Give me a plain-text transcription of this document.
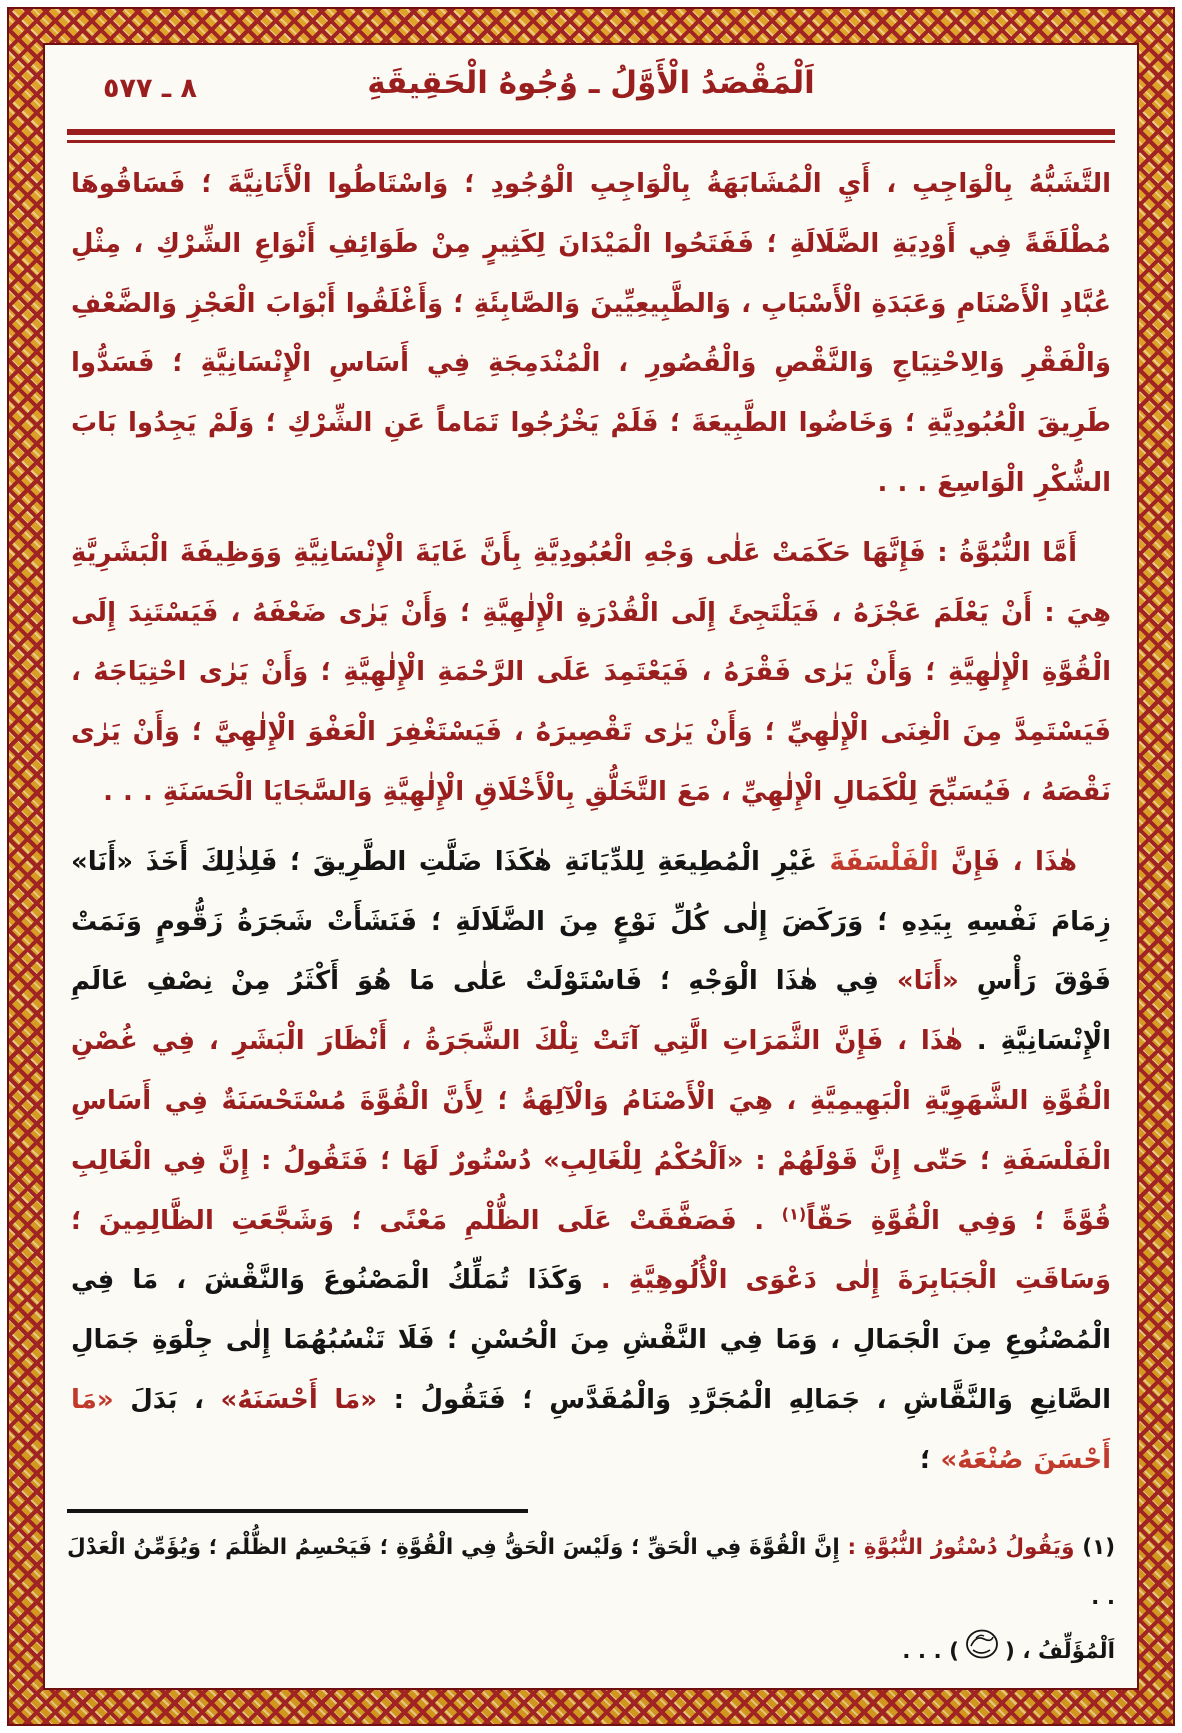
٨ ـ ٥٧٧	اَلْمَقْصَدُ الْأَوَّلُ ـ وُجُوهُ الْحَقِيقَةِ

التَّشَبُّهُ بِالْوَاجِبِ ، أَيِ الْمُشَابَهَةُ بِالْوَاجِبِ الْوُجُودِ ؛ وَاسْتَاطُوا الْأَنَانِيَّةَ ؛ فَسَاقُوهَا مُطْلَقَةً فِي أَوْدِيَةِ الضَّلَالَةِ ؛ فَفَتَحُوا الْمَيْدَانَ لِكَثِيرٍ مِنْ طَوَائِفِ أَنْوَاعِ الشِّرْكِ ، مِثْلِ عُبَّادِ الْأَصْنَامِ وَعَبَدَةِ الْأَسْبَابِ ، وَالطَّبِيعِيِّينَ وَالصَّابِئَةِ ؛ وَأَغْلَقُوا أَبْوَابَ الْعَجْزِ وَالضَّعْفِ وَالْفَقْرِ وَالِاحْتِيَاجِ وَالنَّقْصِ وَالْقُصُورِ ، الْمُنْدَمِجَةِ فِي أَسَاسِ الْإِنْسَانِيَّةِ ؛ فَسَدُّوا طَرِيقَ الْعُبُودِيَّةِ ؛ وَخَاضُوا الطَّبِيعَةَ ؛ فَلَمْ يَخْرُجُوا تَمَاماً عَنِ الشِّرْكِ ؛ وَلَمْ يَجِدُوا بَابَ الشُّكْرِ الْوَاسِعَ . . .

أَمَّا النُّبُوَّةُ : فَإِنَّهَا حَكَمَتْ عَلٰى وَجْهِ الْعُبُودِيَّةِ بِأَنَّ غَايَةَ الْإِنْسَانِيَّةِ وَوَظِيفَةَ الْبَشَرِيَّةِ هِيَ : أَنْ يَعْلَمَ عَجْزَهُ ، فَيَلْتَجِئَ إِلَى الْقُدْرَةِ الْإِلٰهِيَّةِ ؛ وَأَنْ يَرٰى ضَعْفَهُ ، فَيَسْتَنِدَ إِلَى الْقُوَّةِ الْإِلٰهِيَّةِ ؛ وَأَنْ يَرٰى فَقْرَهُ ، فَيَعْتَمِدَ عَلَى الرَّحْمَةِ الْإِلٰهِيَّةِ ؛ وَأَنْ يَرٰى احْتِيَاجَهُ ، فَيَسْتَمِدَّ مِنَ الْغِنَى الْإِلٰهِيِّ ؛ وَأَنْ يَرٰى تَقْصِيرَهُ ، فَيَسْتَغْفِرَ الْعَفْوَ الْإِلٰهِيَّ ؛ وَأَنْ يَرٰى نَقْصَهُ ، فَيُسَبِّحَ لِلْكَمَالِ الْإِلٰهِيِّ ، مَعَ التَّخَلُّقِ بِالْأَخْلَاقِ الْإِلٰهِيَّةِ وَالسَّجَايَا الْحَسَنَةِ . . .

هٰذَا ، فَإِنَّ الْفَلْسَفَةَ غَيْرِ الْمُطِيعَةِ لِلدِّيَانَةِ هٰكَذَا ضَلَّتِ الطَّرِيقَ ؛ فَلِذٰلِكَ أَخَذَ «أَنَا» زِمَامَ نَفْسِهِ بِيَدِهِ ؛ وَرَكَضَ إِلٰى كُلِّ نَوْعٍ مِنَ الضَّلَالَةِ ؛ فَنَشَأَتْ شَجَرَةُ زَقُّومٍ وَنَمَتْ فَوْقَ رَأْسِ «أَنَا» فِي هٰذَا الْوَجْهِ ؛ فَاسْتَوْلَتْ عَلٰى مَا هُوَ أَكْثَرُ مِنْ نِصْفِ عَالَمِ الْإِنْسَانِيَّةِ . هٰذَا ، فَإِنَّ الثَّمَرَاتِ الَّتِي آتَتْ تِلْكَ الشَّجَرَةُ ، أَنْظَارَ الْبَشَرِ ، فِي غُصْنِ الْقُوَّةِ الشَّهَوِيَّةِ الْبَهِيمِيَّةِ ، هِيَ الْأَصْنَامُ وَالْآلِهَةُ ؛ لِأَنَّ الْقُوَّةَ مُسْتَحْسَنَةٌ فِي أَسَاسِ الْفَلْسَفَةِ ؛ حَتّٰى إِنَّ قَوْلَهُمْ : «اَلْحُكْمُ لِلْغَالِبِ» دُسْتُورٌ لَهَا ؛ فَتَقُولُ : إِنَّ فِي الْغَالِبِ قُوَّةً ؛ وَفِي الْقُوَّةِ حَقّاً$^{(١)}$ . فَصَفَّقَتْ عَلَى الظُّلْمِ مَعْنًى ؛ وَشَجَّعَتِ الظَّالِمِينَ ؛ وَسَاقَتِ الْجَبَابِرَةَ إِلٰى دَعْوَى الْأُلُوهِيَّةِ . وَكَذَا تُمَلِّكُ الْمَصْنُوعَ وَالنَّقْشَ ، مَا فِي الْمُصْنُوعِ مِنَ الْجَمَالِ ، وَمَا فِي النَّقْشِ مِنَ الْحُسْنِ ؛ فَلَا تَنْسُبُهُمَا إِلٰى جِلْوَةِ جَمَالِ الصَّانِعِ وَالنَّقَّاشِ ، جَمَالِهِ الْمُجَرَّدِ وَالْمُقَدَّسِ ؛ فَتَقُولُ : «مَا أَحْسَنَهُ» ، بَدَلَ «مَا أَحْسَنَ صُنْعَهُ» ؛

(١) وَيَقُولُ دُسْتُورُ النُّبُوَّةِ : إِنَّ الْقُوَّةَ فِي الْحَقِّ ؛ وَلَيْسَ الْحَقُّ فِي الْقُوَّةِ ؛ فَيَحْسِمُ الظُّلْمَ ؛ وَيُؤَمِّنُ الْعَدْلَ . .

اَلْمُؤَلِّفُ ، () . . .
